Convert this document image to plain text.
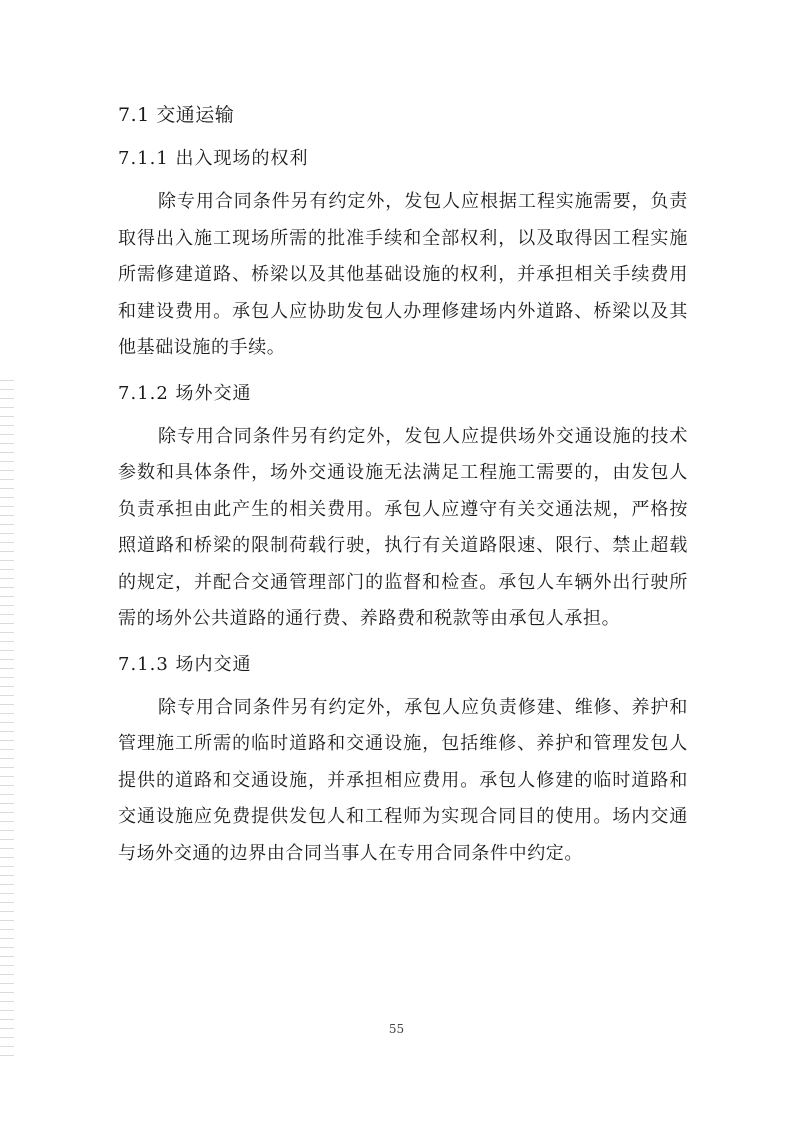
7.1 交通运输
7.1.1 出入现场的权利

除专用合同条件另有约定外，发包人应根据工程实施需要，负责取得出入施工现场所需的批准手续和全部权利，以及取得因工程实施所需修建道路、桥梁以及其他基础设施的权利，并承担相关手续费用和建设费用。承包人应协助发包人办理修建场内外道路、桥梁以及其他基础设施的手续。

7.1.2 场外交通

除专用合同条件另有约定外，发包人应提供场外交通设施的技术参数和具体条件，场外交通设施无法满足工程施工需要的，由发包人负责承担由此产生的相关费用。承包人应遵守有关交通法规，严格按照道路和桥梁的限制荷载行驶，执行有关道路限速、限行、禁止超载的规定，并配合交通管理部门的监督和检查。承包人车辆外出行驶所需的场外公共道路的通行费、养路费和税款等由承包人承担。

7.1.3 场内交通

除专用合同条件另有约定外，承包人应负责修建、维修、养护和管理施工所需的临时道路和交通设施，包括维修、养护和管理发包人提供的道路和交通设施，并承担相应费用。承包人修建的临时道路和交通设施应免费提供发包人和工程师为实现合同目的使用。场内交通与场外交通的边界由合同当事人在专用合同条件中约定。

55
